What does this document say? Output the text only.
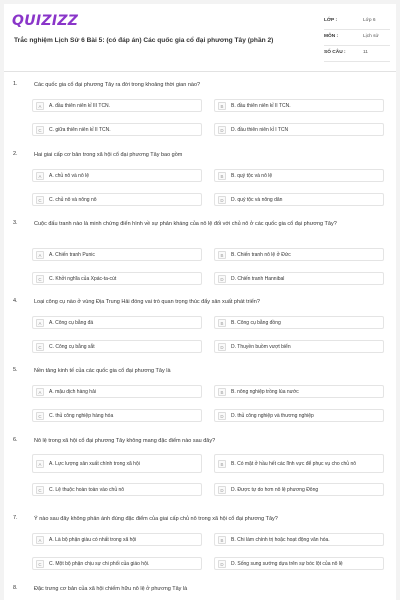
QUIZIZZ
Trắc nghiệm Lịch Sử 6 Bài 5: (có đáp án) Các quốc gia cổ đại phương Tây (phần 2)
LỚP :	Lớp 6
MÔN :	Lịch sử
SỐ CÂU :	11
1.	Các quốc gia cổ đại phương Tây ra đời trong khoảng thời gian nào?
A	A. đầu thiên niên kỉ III TCN.	B	B. đầu thiên niên kỉ II TCN.
C	C. giữa thiên niên kỉ II TCN.	D	D. đầu thiên niên kỉ I TCN
2.	Hai giai cấp cơ bản trong xã hội cổ đại phương Tây bao gồm
A	A. chủ nô và nô lệ	B	B. quý tộc và nô lệ
C	C. chủ nô và nông nô	D	D. quý tộc và nông dân
3.	Cuộc đấu tranh nào là minh chứng điển hình về sự phản kháng của nô lệ đối với chủ nô ở các quốc gia cổ đại phương Tây?
A	A. Chiến tranh Punic	B	B. Chiến tranh nô lệ ở Đức
C	C. Khởi nghĩa của Xpác-ta-cút	D	D. Chiến tranh Hannibal
4.	Loại công cụ nào ở vùng Địa Trung Hải đóng vai trò quan trọng thúc đẩy sản xuất phát triển?
A	A. Công cụ bằng đá	B	B. Công cụ bằng đồng
C	C. Công cụ bằng sắt	D	D. Thuyền buồm vượt biển
5.	Nền tảng kinh tế của các quốc gia cổ đại phương Tây là
A	A. mậu dịch hàng hải	B	B. nông nghiệp trồng lúa nước
C	C. thủ công nghiệp hàng hóa	D	D. thủ công nghiệp và thương nghiệp
6.	Nô lệ trong xã hội cổ đại phương Tây không mang đặc điểm nào sau đây?
A	A. Lực lượng sản xuất chính trong xã hội	B	B. Có mặt ở hầu hết các lĩnh vực để phục vụ cho chủ nô
C	C. Lệ thuộc hoàn toàn vào chủ nô	D	D. Được tự do hơn nô lệ phương Đông
7.	Ý nào sau đây không phản ánh đúng đặc điểm của giai cấp chủ nô trong xã hội cổ đại phương Tây?
A	A. Là bộ phận giàu có nhất trong xã hội	B	B. Chi làm chính trị hoặc hoạt động văn hóa.
C	C. Một bộ phận chịu sự chi phối của giáo hội.	D	D. Sống sung sướng dựa trên sự bóc lột của nô lệ
8.	Đặc trưng cơ bản của xã hội chiếm hữu nô lệ ở phương Tây là
